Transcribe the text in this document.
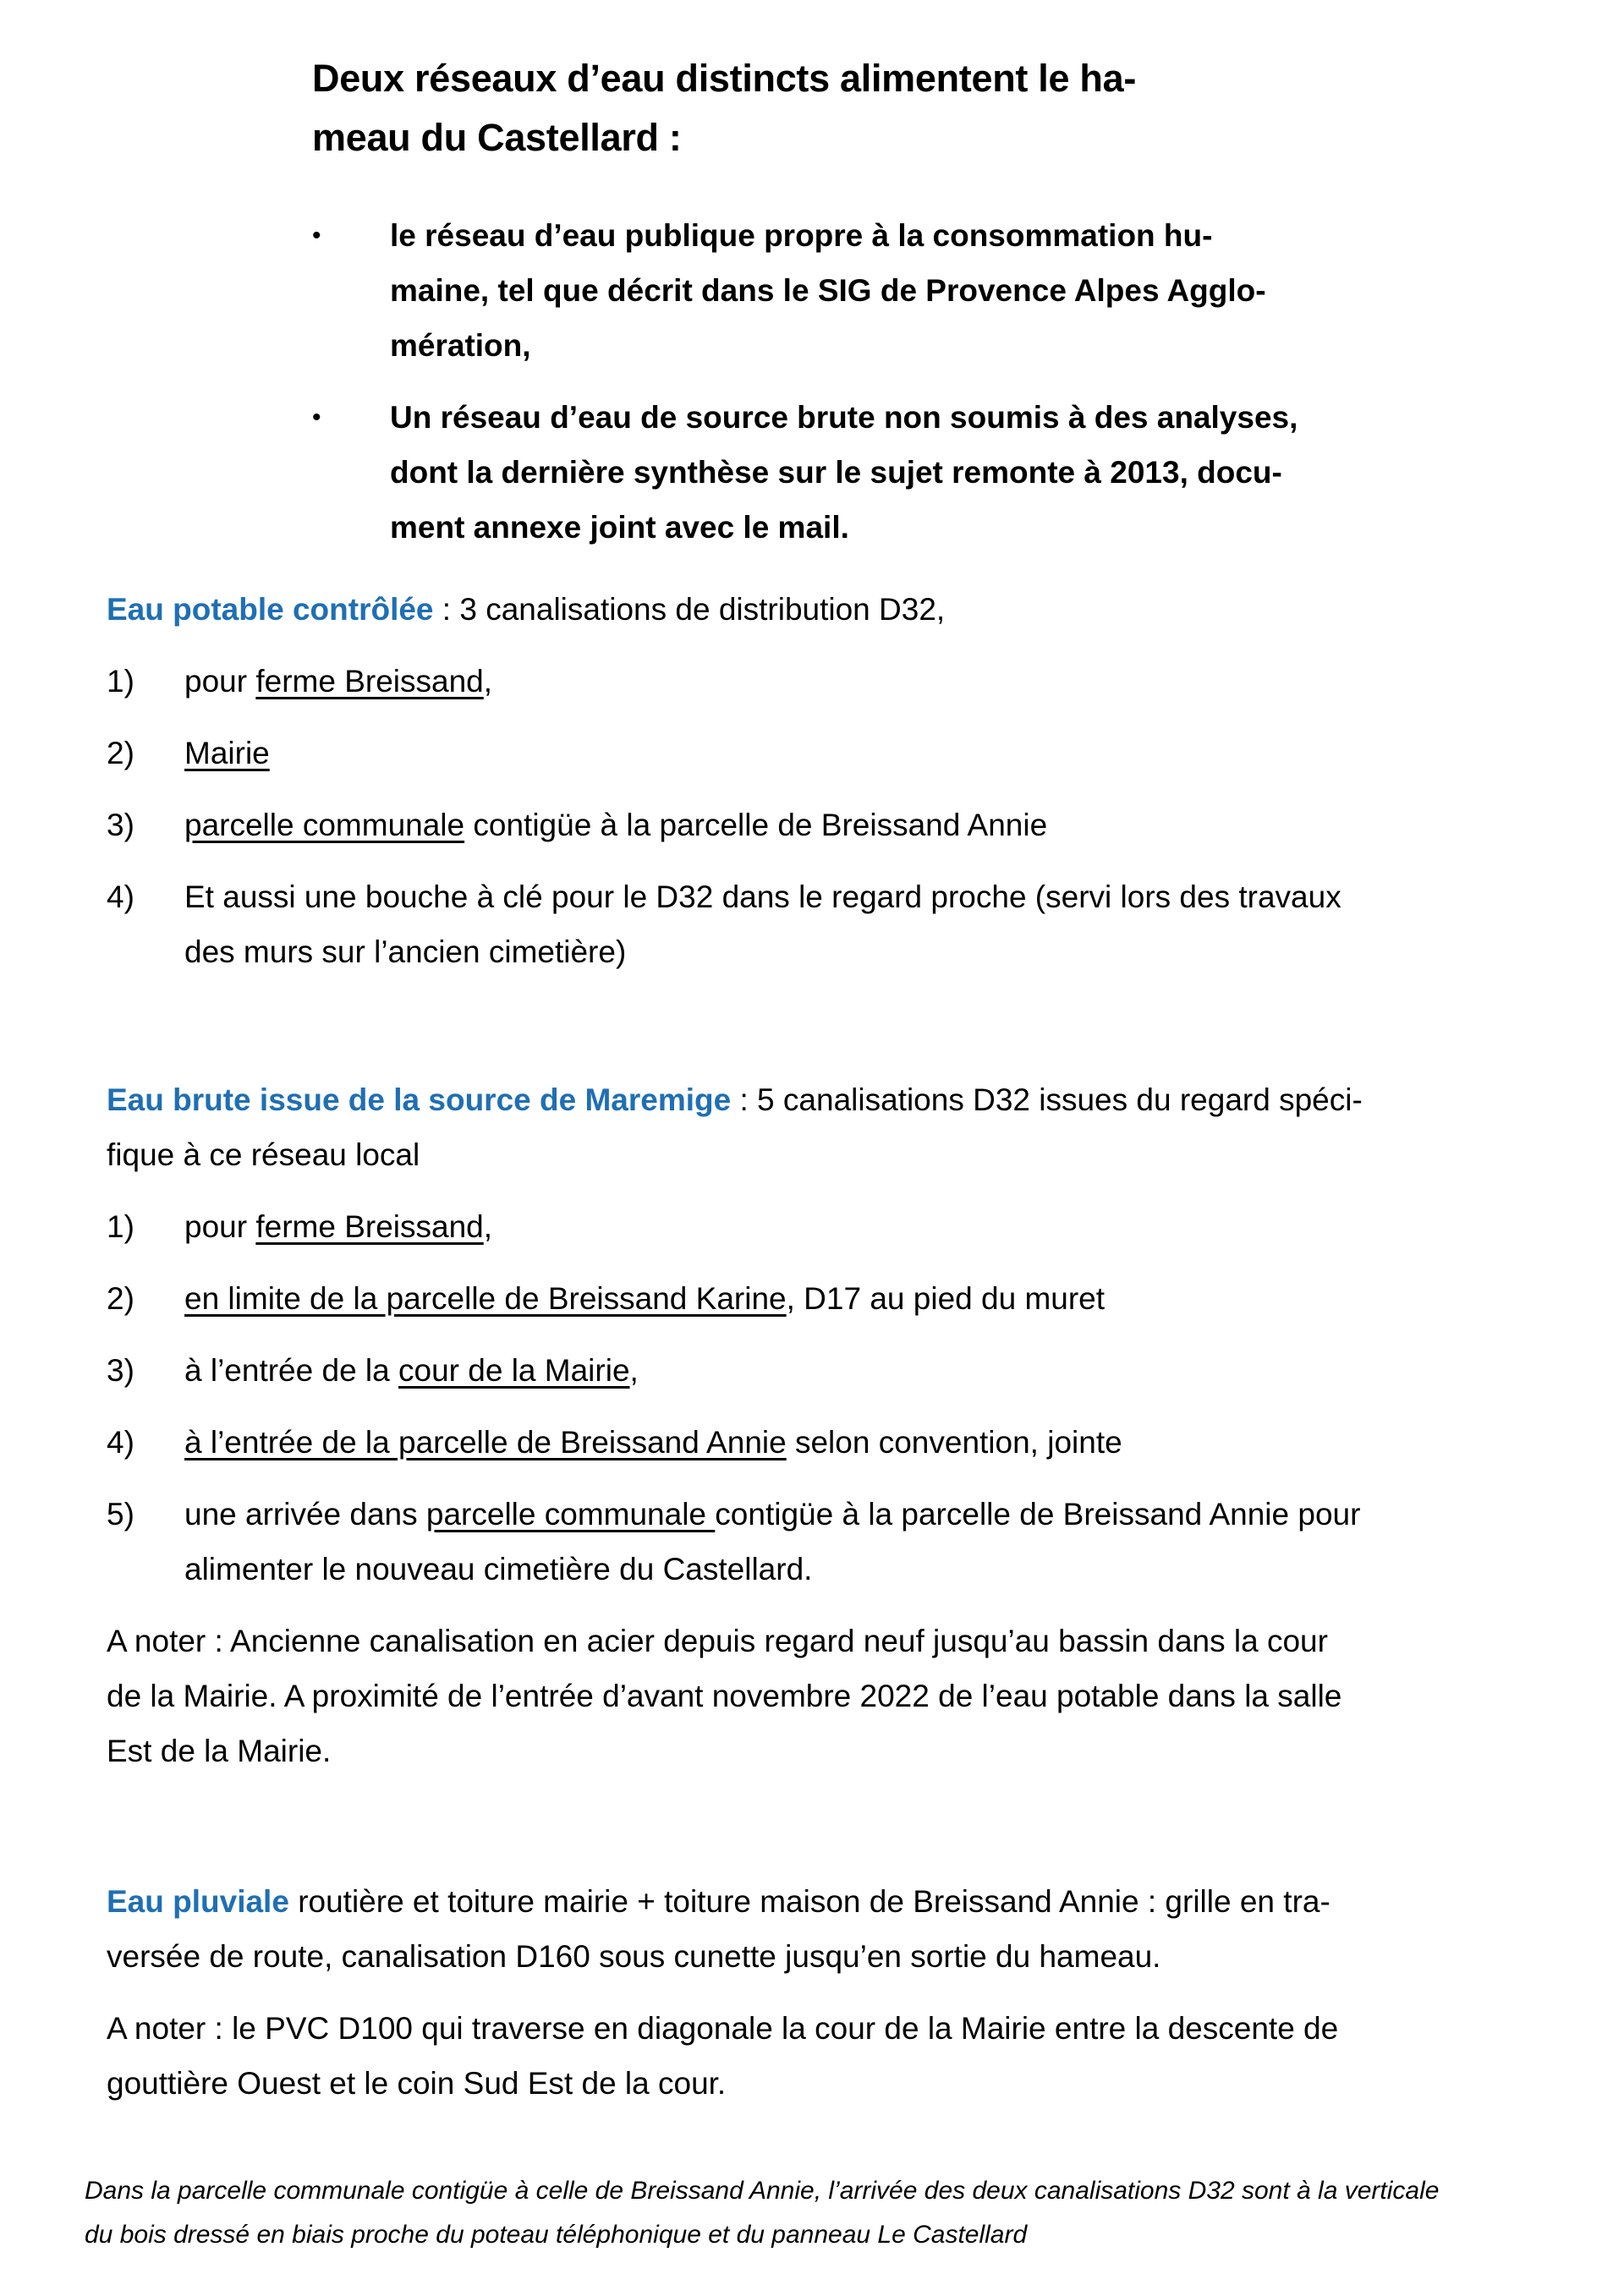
Deux réseaux d’eau distincts alimentent le ha-
meau du Castellard :
• le réseau d’eau publique propre à la consommation hu-
maine, tel que décrit dans le SIG de Provence Alpes Agglo-
mération,
• Un réseau d’eau de source brute non soumis à des analyses,
dont la dernière synthèse sur le sujet remonte à 2013, docu-
ment annexe joint avec le mail.
Eau potable contrôlée : 3 canalisations de distribution D32,
1) pour ferme Breissand,
2) Mairie
3) parcelle communale contigüe à la parcelle de Breissand Annie
4) Et aussi une bouche à clé pour le D32 dans le regard proche (servi lors des travaux
des murs sur l’ancien cimetière)
Eau brute issue de la source de Maremige : 5 canalisations D32 issues du regard spéci-
fique à ce réseau local
1) pour ferme Breissand,
2) en limite de la parcelle de Breissand Karine, D17 au pied du muret
3) à l’entrée de la cour de la Mairie,
4) à l’entrée de la parcelle de Breissand Annie selon convention, jointe
5) une arrivée dans parcelle communale contigüe à la parcelle de Breissand Annie pour
alimenter le nouveau cimetière du Castellard.
A noter : Ancienne canalisation en acier depuis regard neuf jusqu’au bassin dans la cour
de la Mairie. A proximité de l’entrée d’avant novembre 2022 de l’eau potable dans la salle
Est de la Mairie.
Eau pluviale routière et toiture mairie + toiture maison de Breissand Annie : grille en tra-
versée de route, canalisation D160 sous cunette jusqu’en sortie du hameau.
A noter : le PVC D100 qui traverse en diagonale la cour de la Mairie entre la descente de
gouttière Ouest et le coin Sud Est de la cour.
Dans la parcelle communale contigüe à celle de Breissand Annie, l’arrivée des deux canalisations D32 sont à la verticale
du bois dressé en biais proche du poteau téléphonique et du panneau Le Castellard
